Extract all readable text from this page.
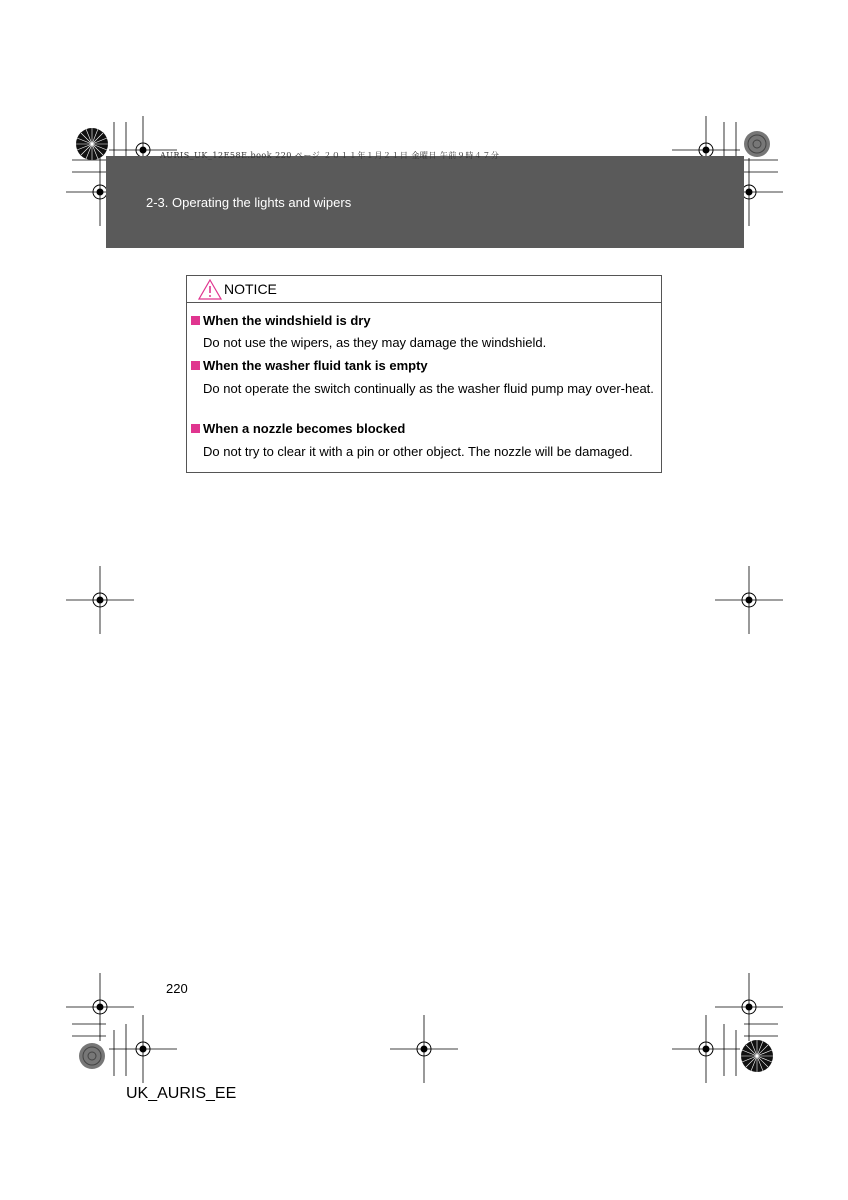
AURIS_UK_12E58E.book 220 ページ ２０１１年１月２１日 金曜日 午前９時４７分
2-3. Operating the lights and wipers
NOTICE
When the windshield is dry
Do not use the wipers, as they may damage the windshield.
When the washer fluid tank is empty
Do not operate the switch continually as the washer fluid pump may over-heat.
When a nozzle becomes blocked
Do not try to clear it with a pin or other object. The nozzle will be damaged.
220
UK_AURIS_EE
